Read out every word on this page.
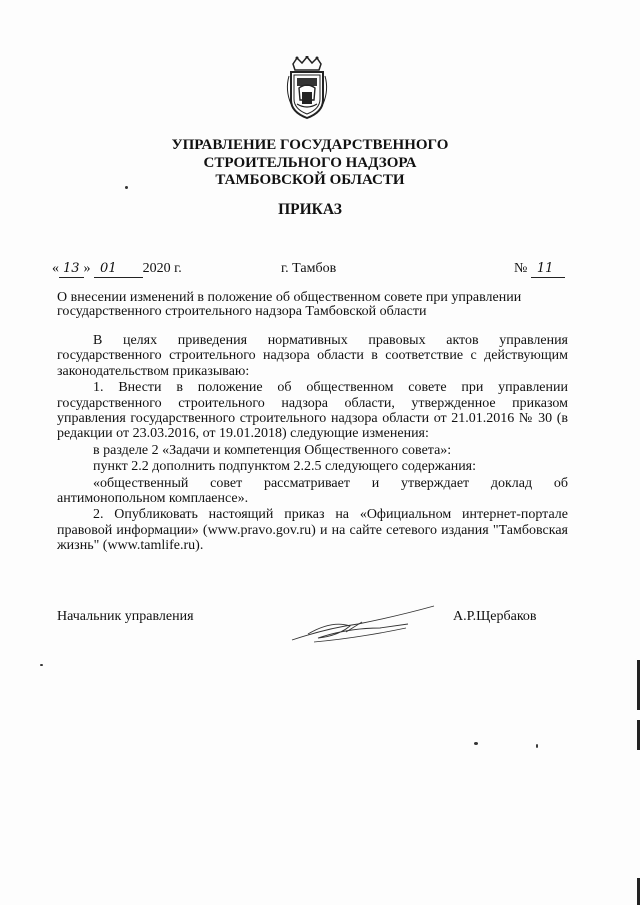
УПРАВЛЕНИЕ ГОСУДАРСТВЕННОГО
СТРОИТЕЛЬНОГО НАДЗОРА
ТАМБОВСКОЙ ОБЛАСТИ
ПРИКАЗ
« 13 » 01 2020 г.	г. Тамбов	№ 11
О внесении изменений в положение об общественном совете при управлении государственного строительного надзора Тамбовской области

В целях приведения нормативных правовых актов управления государственного строительного надзора области в соответствие с действующим законодательством приказываю:

1. Внести в положение об общественном совете при управлении государственного строительного надзора области, утвержденное приказом управления государственного строительного надзора области от 21.01.2016 № 30 (в редакции от 23.03.2016, от 19.01.2018) следующие изменения:

в разделе 2 «Задачи и компетенция Общественного совета»:

пункт 2.2 дополнить подпунктом 2.2.5 следующего содержания:

«общественный совет рассматривает и утверждает доклад об антимонопольном комплаенсе».

2. Опубликовать настоящий приказ на «Официальном интернет-портале правовой информации» (www.pravo.gov.ru) и на сайте сетевого издания "Тамбовская жизнь" (www.tamlife.ru).

Начальник управления	А.Р.Щербаков
